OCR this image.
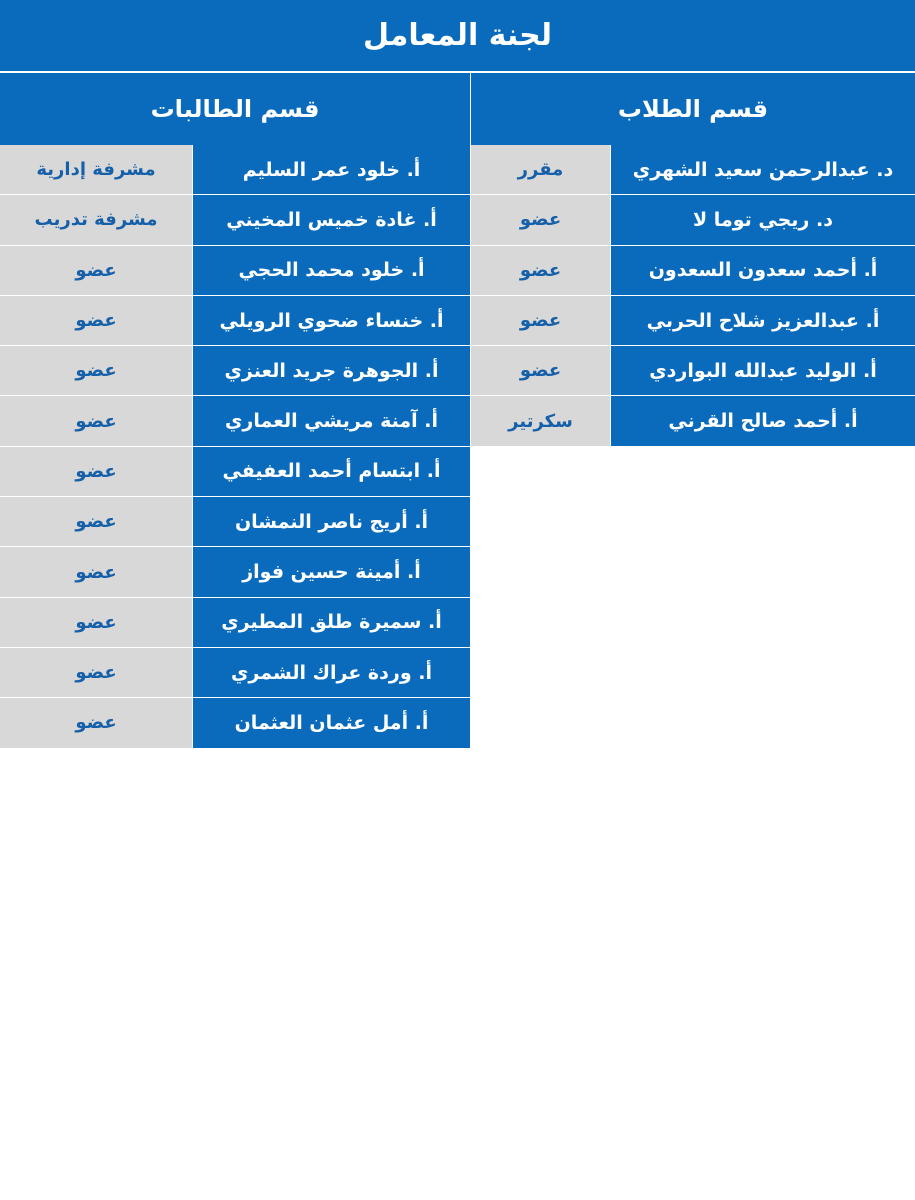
لجنة المعامل
قسم الطلاب
قسم الطالبات
مقرر	د. عبدالرحمن سعيد الشهري
عضو	د. ريجي توما لا
عضو	أ. أحمد سعدون السعدون
عضو	أ. عبدالعزيز شلاح الحربي
عضو	أ. الوليد عبدالله البواردي
سكرتير	أ. أحمد صالح القرني
مشرفة إدارية	أ. خلود عمر السليم
مشرفة تدريب	أ. غادة خميس المخيني
عضو	أ. خلود محمد الحجي
عضو	أ. خنساء ضحوي الرويلي
عضو	أ. الجوهرة جريد العنزي
عضو	أ. آمنة مريشي العماري
عضو	أ. ابتسام أحمد العفيفي
عضو	أ. أريج ناصر النمشان
عضو	أ. أمينة حسين فواز
عضو	أ. سميرة طلق المطيري
عضو	أ. وردة عراك الشمري
عضو	أ. أمل عثمان العثمان
